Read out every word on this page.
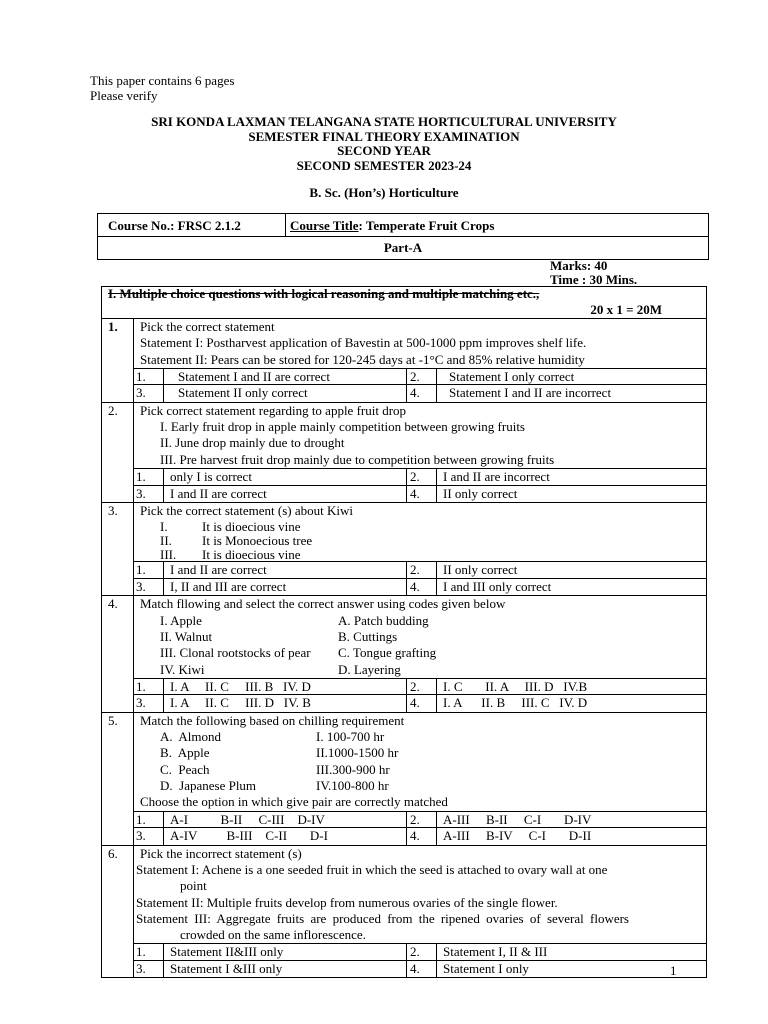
This paper contains 6 pages
Please verify
SRI KONDA LAXMAN TELANGANA STATE HORTICULTURAL UNIVERSITY
SEMESTER FINAL THEORY EXAMINATION
SECOND YEAR
SECOND SEMESTER 2023-24
B. Sc. (Hon’s) Horticulture
Course No.: FRSC 2.1.2	Course Title: Temperate Fruit Crops
Part-A
Marks: 40
Time : 30 Mins.
I. Multiple choice questions with logical reasoning and multiple matching etc.,
20 x 1 = 20M
1.	Pick the correct statement
Statement I: Postharvest application of Bavestin at 500-1000 ppm improves shelf life.
Statement II: Pears can be stored for 120-245 days at -1°C and 85% relative humidity
1.	Statement I and II are correct	2.	Statement I only correct
3.	Statement II only correct	4.	Statement I and II are incorrect
2.	Pick correct statement regarding to apple fruit drop
I. Early fruit drop in apple mainly competition between growing fruits
II. June drop mainly due to drought
III. Pre harvest fruit drop mainly due to competition between growing fruits
1.	only I is correct	2.	I and II are incorrect
3.	I and II are correct	4.	II only correct
3.	Pick the correct statement (s) about Kiwi
I.	It is dioecious vine
II.	It is Monoecious tree
III.	It is dioecious vine
1.	I and II are correct	2.	II only correct
3.	I, II and III are correct	4.	I and III only correct
4.	Match fllowing and select the correct answer using codes given below
I. Apple	A. Patch budding
II. Walnut	B. Cuttings
III. Clonal rootstocks of pear	C. Tongue grafting
IV. Kiwi	D. Layering
1.	I. A     II. C     III. B   IV. D	2.	I. C       II. A     III. D   IV.B
3.	I. A     II. C     III. D   IV. B	4.	I. A      II. B     III. C   IV. D
5.	Match the following based on chilling requirement
A.  Almond	I. 100-700 hr
B.  Apple	II.1000-1500 hr
C.  Peach	III.300-900 hr
D.  Japanese Plum	IV.100-800 hr
Choose the option in which give pair are correctly matched
1.	A-I          B-II     C-III    D-IV	2.	A-III     B-II     C-I       D-IV
3.	A-IV         B-III    C-II       D-I	4.	A-III     B-IV     C-I       D-II
6.	Pick the incorrect statement (s)
Statement I: Achene is a one seeded fruit in which the seed is attached to ovary wall at one
point
Statement II: Multiple fruits develop from numerous ovaries of the single flower.
Statement III: Aggregate fruits are produced from the ripened ovaries of several flowers
crowded on the same inflorescence.
1.	Statement II&III only	2.	Statement I, II & III
3.	Statement I &III only	4.	Statement I only	1
